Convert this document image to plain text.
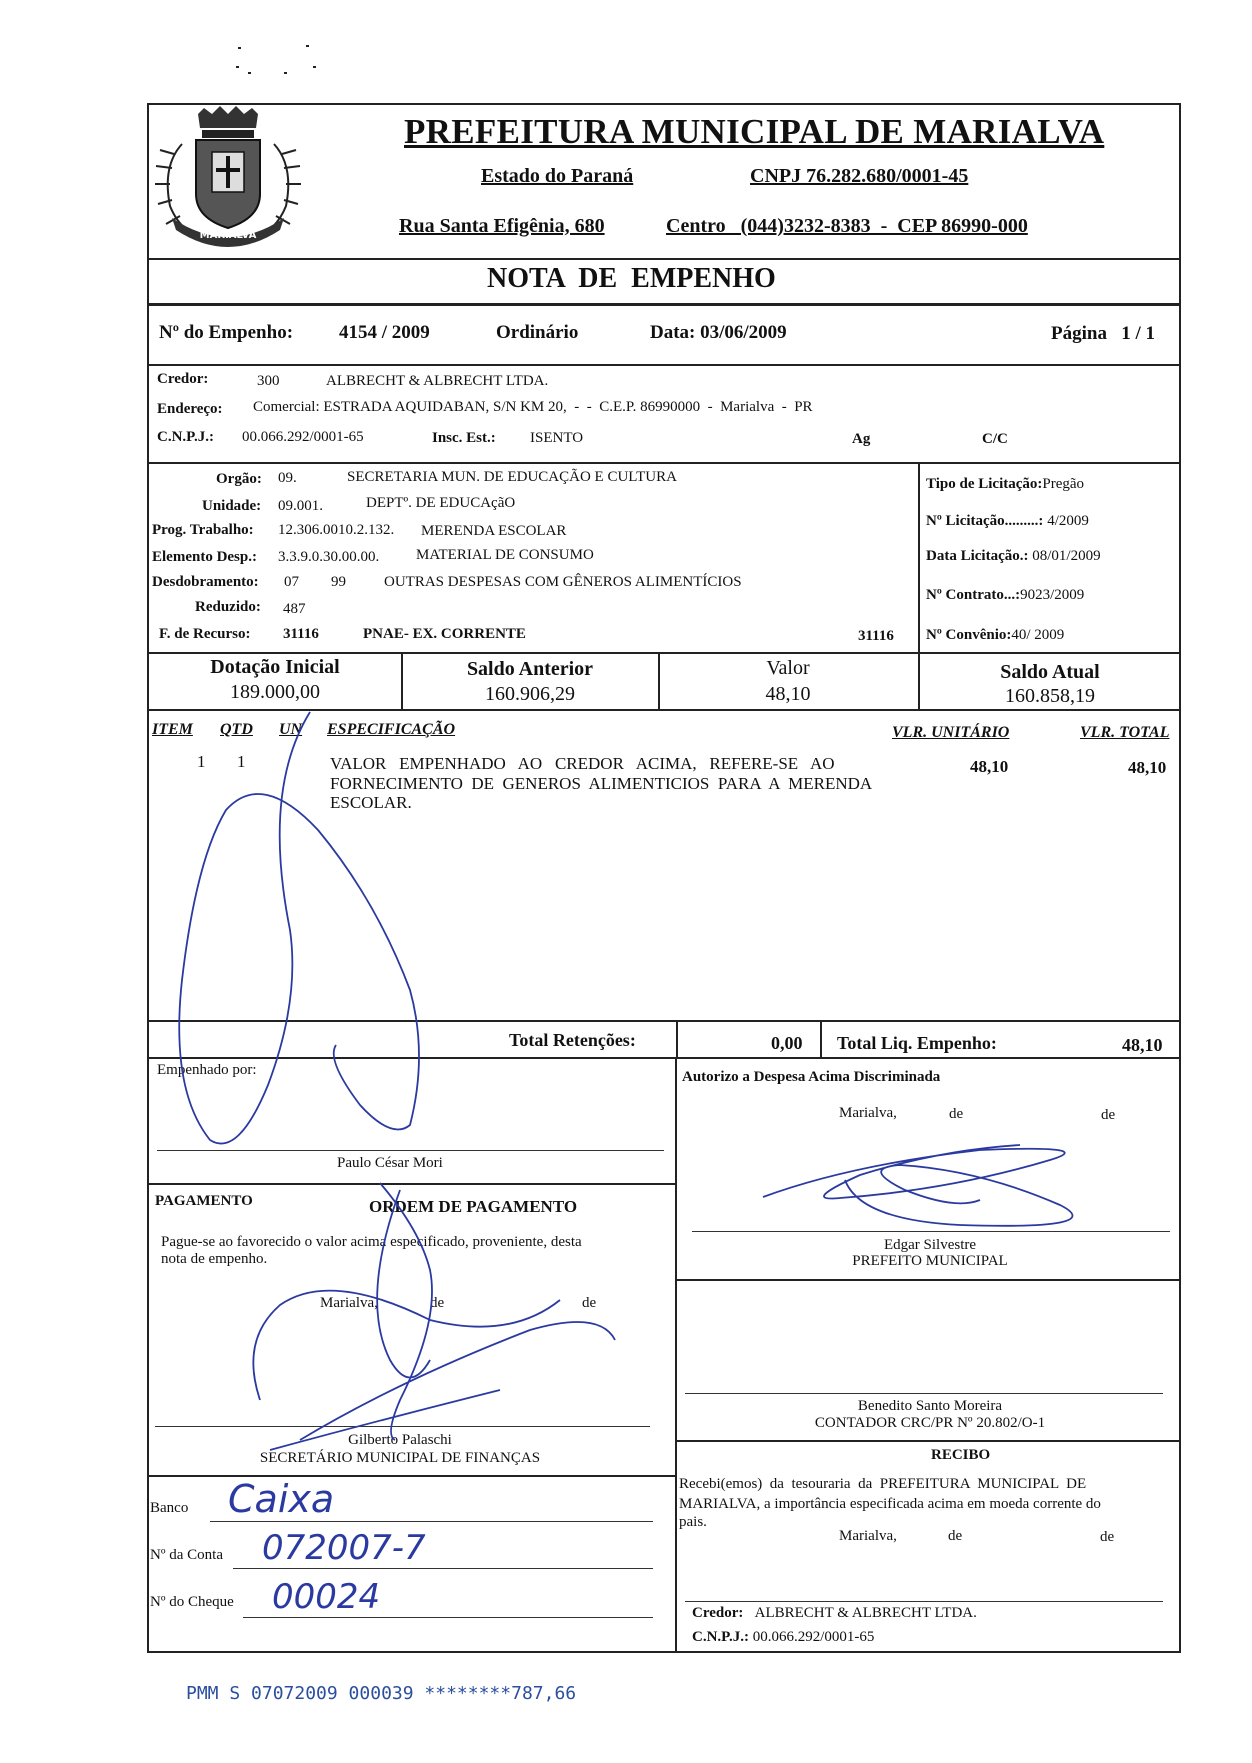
MARIALVA
PREFEITURA MUNICIPAL DE MARIALVA
Estado do Paraná	CNPJ 76.282.680/0001-45
Rua Santa Efigênia, 680	Centro   (044)3232-8383  -  CEP 86990-000
NOTA  DE  EMPENHO
Nº do Empenho: 4154 / 2009	Ordinário	Data: 03/06/2009	Página   1 / 1
Credor:	300	ALBRECHT & ALBRECHT LTDA.
Endereço: Comercial: ESTRADA AQUIDABAN, S/N KM 20,  -  -  C.E.P. 86990000  -  Marialva  -  PR
C.N.P.J.: 00.066.292/0001-65	Insc. Est.: ISENTO	Ag	C/C
Orgão: 09.	SECRETARIA MUN. DE EDUCAÇÃO E CULTURA
Unidade: 09.001.	DEPTº. DE EDUCAçãO
Prog. Trabalho: 12.306.0010.2.132. MERENDA ESCOLAR
Elemento Desp.: 3.3.9.0.30.00.00. MATERIAL DE CONSUMO
Desdobramento: 07 99	OUTRAS DESPESAS COM GÊNEROS ALIMENTÍCIOS
Reduzido: 487
F. de Recurso: 31116	PNAE- EX. CORRENTE	31116
Tipo de Licitação:Pregão
Nº Licitação.........: 4/2009
Data Licitação.: 08/01/2009
Nº Contrato...:9023/2009
Nº Convênio:40/ 2009
Dotação Inicial
189.000,00
Saldo Anterior
160.906,29
Valor
48,10
Saldo Atual
160.858,19
ITEM QTD UN ESPECIFICAÇÃO	VLR. UNITÁRIO	VLR. TOTAL
1 1	VALOR   EMPENHADO   AO   CREDOR   ACIMA,   REFERE-SE   AO
FORNECIMENTO  DE  GENEROS  ALIMENTICIOS  PARA  A  MERENDA
ESCOLAR.
48,10	48,10
Total Retenções:	0,00 Total Liq. Empenho:	48,10
Empenhado por:
Paulo César Mori
Autorizo a Despesa Acima Discriminada
Marialva,	de	de
Edgar Silvestre
PREFEITO MUNICIPAL
PAGAMENTO	ORDEM DE PAGAMENTO
Pague-se ao favorecido o valor acima especificado, proveniente, desta
nota de empenho.
Marialva,	de	de
Gilberto Palaschi
SECRETÁRIO MUNICIPAL DE FINANÇAS
Benedito Santo Moreira
CONTADOR CRC/PR Nº 20.802/O-1
RECIBO
Recebi(emos)  da  tesouraria  da  PREFEITURA  MUNICIPAL  DE
MARIALVA, a importância especificada acima em moeda corrente do
pais.
Marialva,	de	de
Credor: ALBRECHT & ALBRECHT LTDA.
C.N.P.J.: 00.066.292/0001-65
Banco Caixa
Nº da Conta 072007-7
Nº do Cheque 00024
PMM S 07072009 000039 ********787,66
